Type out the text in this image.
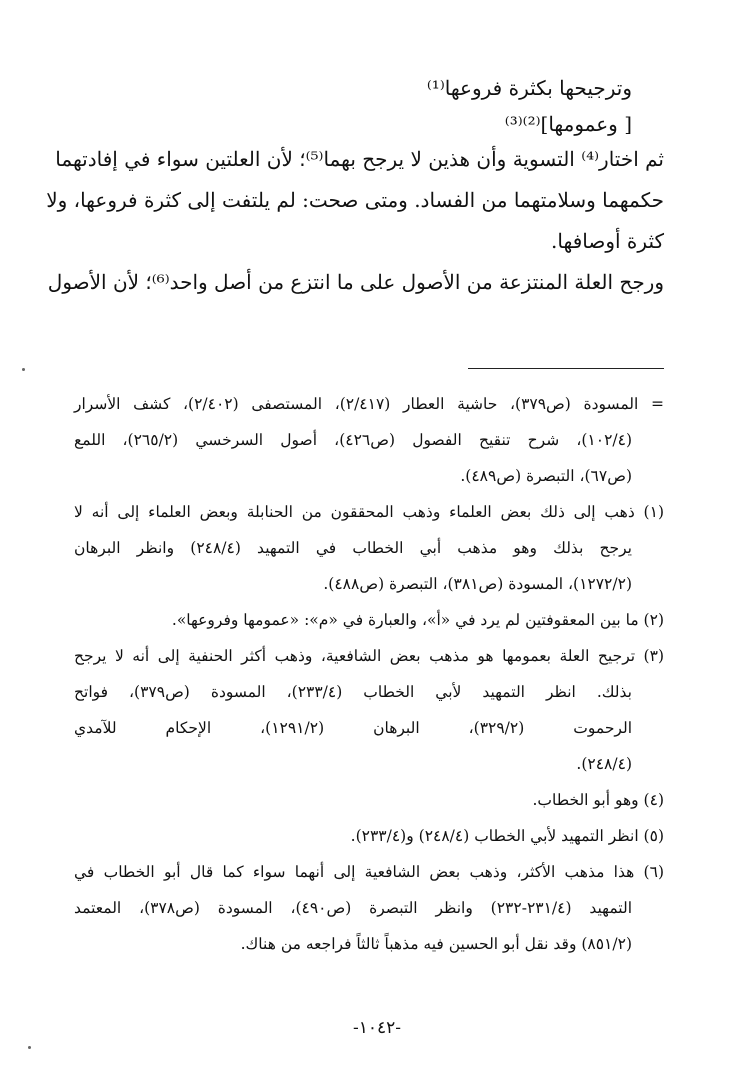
وترجيحها بكثرة فروعها⁽¹⁾
[ وعمومها]⁽²⁾⁽³⁾
ثم اختار⁽⁴⁾ التسوية وأن هذين لا يرجح بهما⁽⁵⁾؛ لأن العلتين سواء في إفادتهما
حكمهما وسلامتهما من الفساد. ومتى صحت: لم يلتفت إلى كثرة فروعها، ولا
كثرة أوصافها.
ورجح العلة المنتزعة من الأصول على ما انتزع من أصل واحد⁽⁶⁾؛ لأن الأصول
= المسودة (ص٣٧٩)، حاشية العطار (٢/٤١٧)، المستصفى (٢/٤٠٢)، كشف الأسرار
(١٠٢/٤)، شرح تنقيح الفصول (ص٤٢٦)، أصول السرخسي (٢٦٥/٢)، اللمع
(ص٦٧)، التبصرة (ص٤٨٩).
(١) ذهب إلى ذلك بعض العلماء وذهب المحققون من الحنابلة وبعض العلماء إلى أنه لا
يرجح بذلك وهو مذهب أبي الخطاب في التمهيد (٢٤٨/٤) وانظر البرهان
(١٢٧٢/٢)، المسودة (ص٣٨١)، التبصرة (ص٤٨٨).
(٢) ما بين المعقوفتين لم يرد في «أ»، والعبارة في «م»: «عمومها وفروعها».
(٣) ترجيح العلة بعمومها هو مذهب بعض الشافعية، وذهب أكثر الحنفية إلى أنه لا يرجح
بذلك. انظر التمهيد لأبي الخطاب (٢٣٣/٤)، المسودة (ص٣٧٩)، فواتح
الرحموت (٣٢٩/٢)، البرهان (١٢٩١/٢)، الإحكام للآمدي
(٢٤٨/٤).
(٤) وهو أبو الخطاب.
(٥) انظر التمهيد لأبي الخطاب (٢٤٨/٤) و(٢٣٣/٤).
(٦) هذا مذهب الأكثر، وذهب بعض الشافعية إلى أنهما سواء كما قال أبو الخطاب في
التمهيد (٢٣١/٤-٢٣٢) وانظر التبصرة (ص٤٩٠)، المسودة (ص٣٧٨)، المعتمد
(٨٥١/٢) وقد نقل أبو الحسين فيه مذهباً ثالثاً فراجعه من هناك.
-١٠٤٢-
